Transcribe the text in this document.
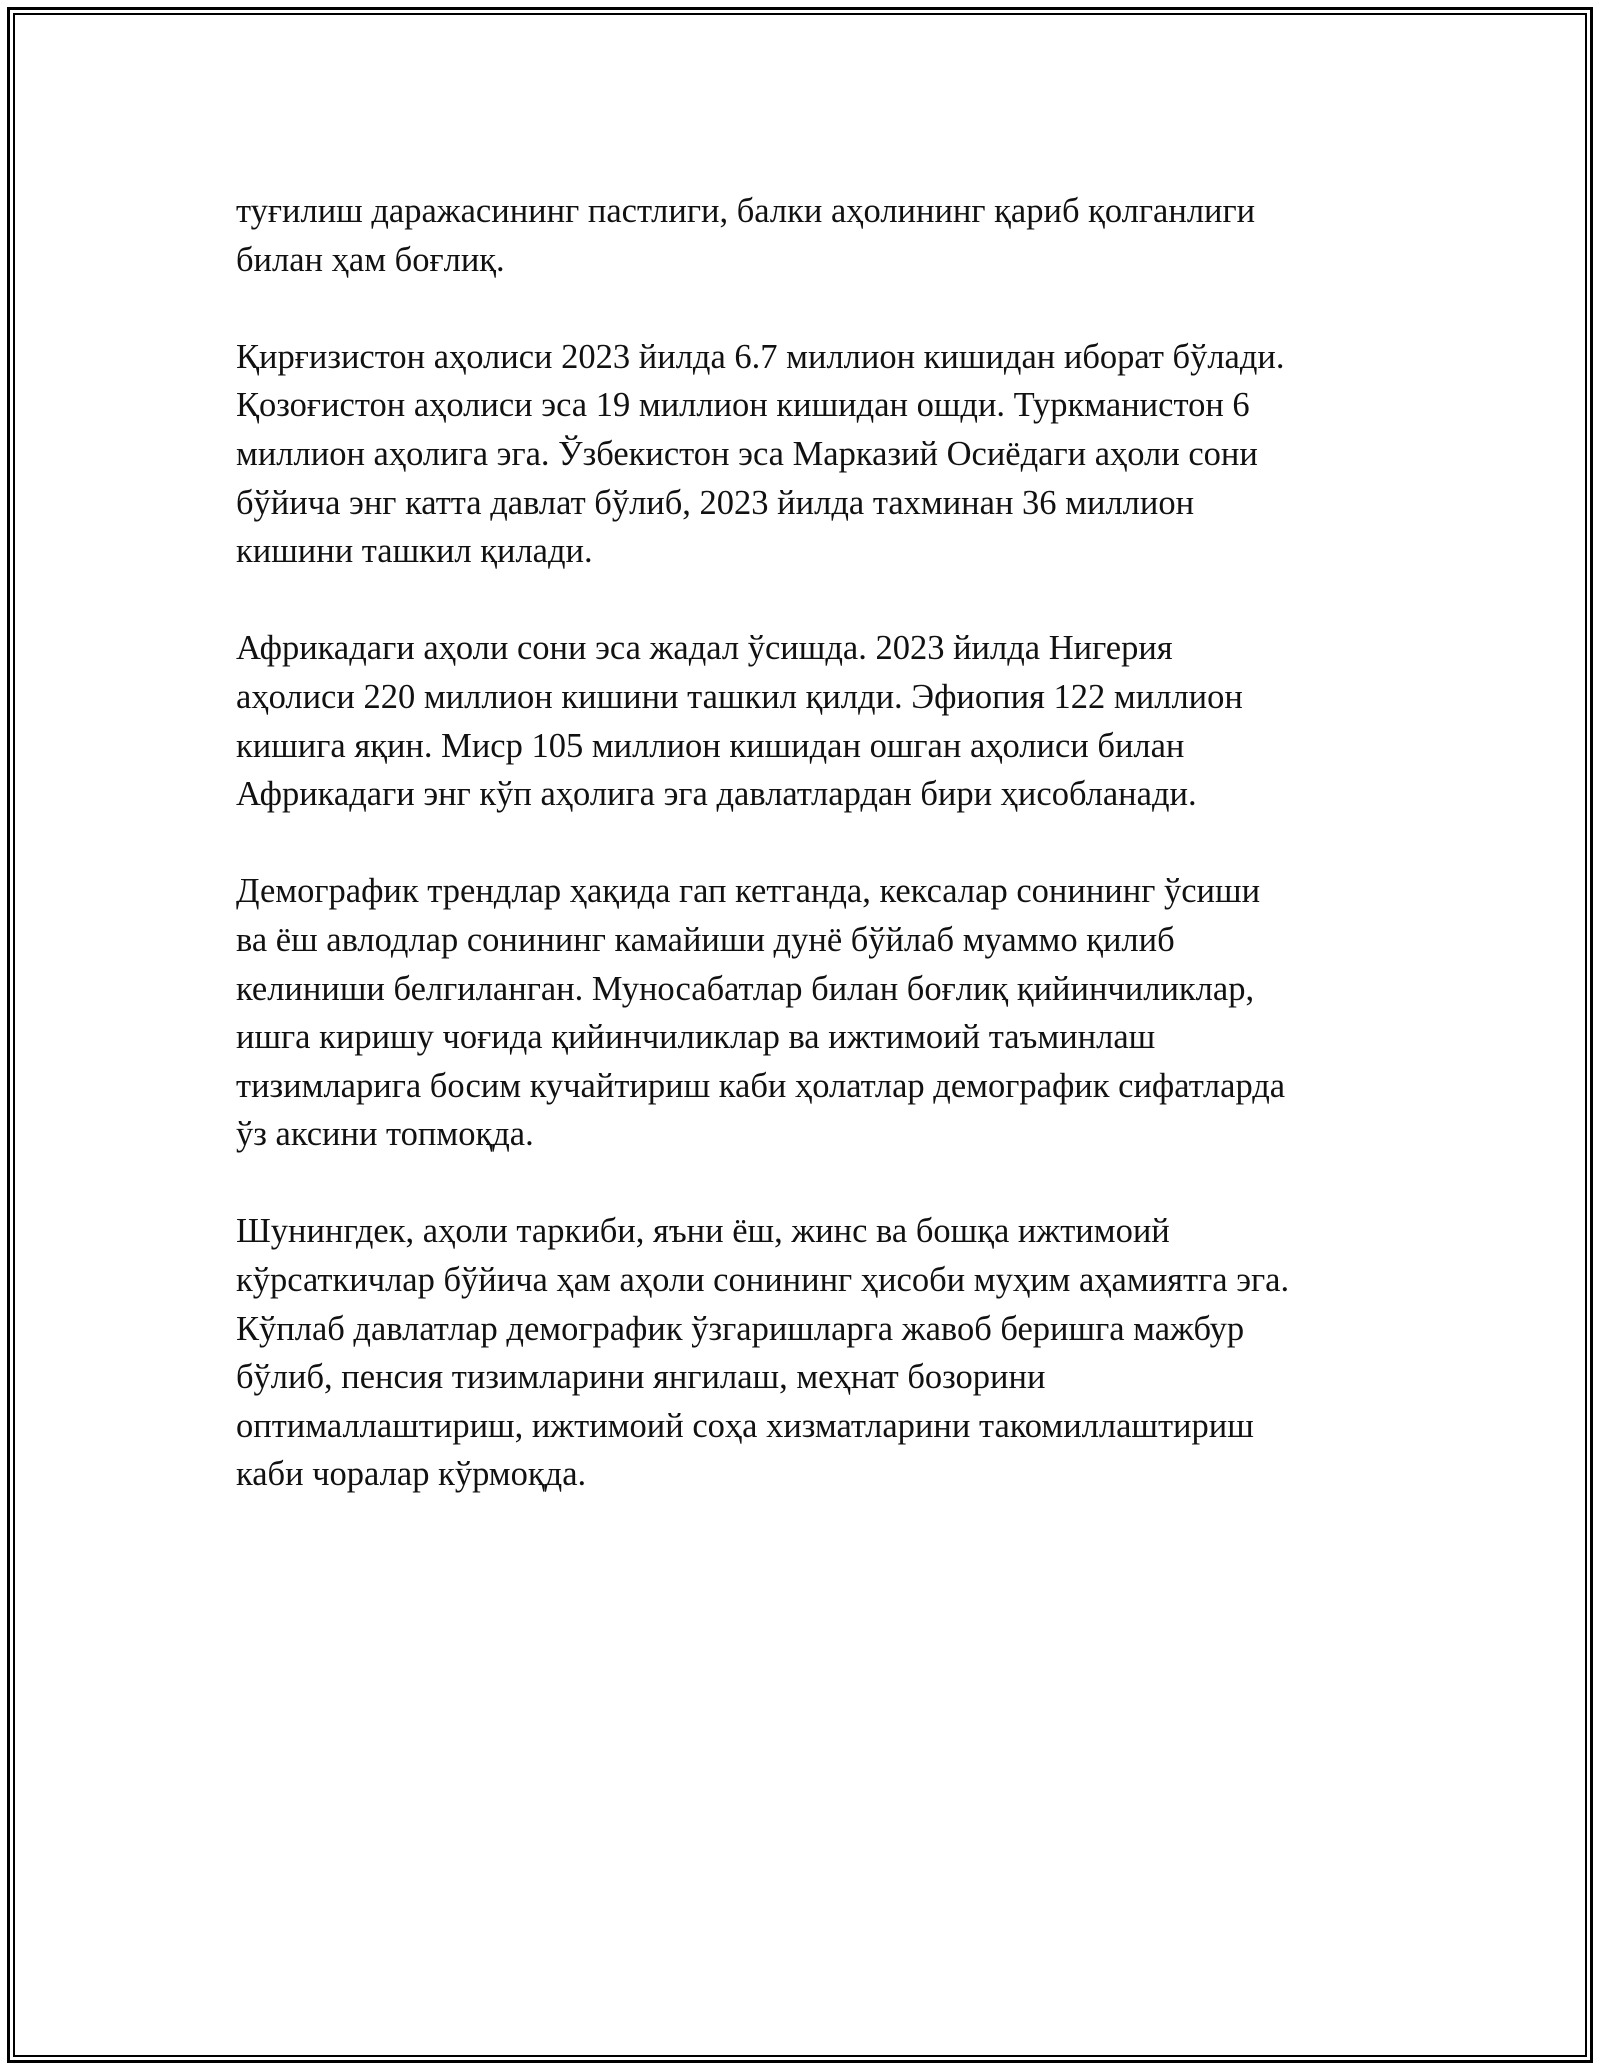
туғилиш даражасининг пастлиги, балки аҳолининг қариб қолганлиги
билан ҳам боғлиқ.

Қирғизистон аҳолиси 2023 йилда 6.7 миллион кишидан иборат бўлади.
Қозоғистон аҳолиси эса 19 миллион кишидан ошди. Туркманистон 6
миллион аҳолига эга. Ўзбекистон эса Марказий Осиёдаги аҳоли сони
бўйича энг катта давлат бўлиб, 2023 йилда тахминан 36 миллион
кишини ташкил қилади.

Африкадаги аҳоли сони эса жадал ўсишда. 2023 йилда Нигерия
аҳолиси 220 миллион кишини ташкил қилди. Эфиопия 122 миллион
кишига яқин. Миср 105 миллион кишидан ошган аҳолиси билан
Африкадаги энг кўп аҳолига эга давлатлардан бири ҳисобланади.

Демографик трендлар ҳақида гап кетганда, кексалар сонининг ўсиши
ва ёш авлодлар сонининг камайиши дунё бўйлаб муаммо қилиб
келиниши белгиланган. Муносабатлар билан боғлиқ қийинчиликлар,
ишга киришу чоғида қийинчиликлар ва ижтимоий таъминлаш
тизимларига босим кучайтириш каби ҳолатлар демографик сифатларда
ўз аксини топмоқда.

Шунингдек, аҳоли таркиби, яъни ёш, жинс ва бошқа ижтимоий
кўрсаткичлар бўйича ҳам аҳоли сонининг ҳисоби муҳим аҳамиятга эга.
Кўплаб давлатлар демографик ўзгаришларга жавоб беришга мажбур
бўлиб, пенсия тизимларини янгилаш, меҳнат бозорини
оптималлаштириш, ижтимоий соҳа хизматларини такомиллаштириш
каби чоралар кўрмоқда.
